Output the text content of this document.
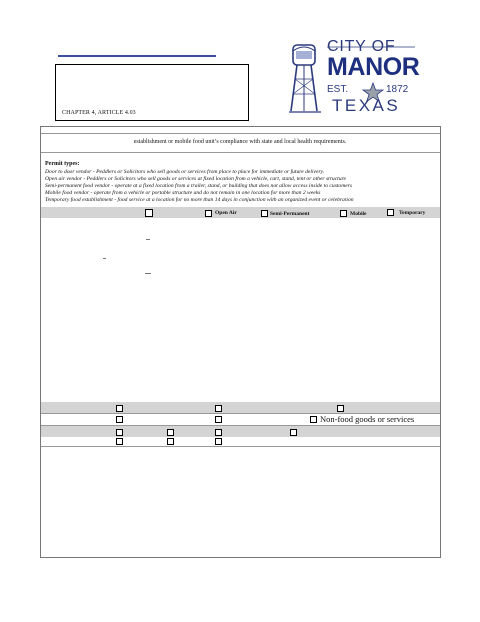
CHAPTER 4, ARTICLE 4.03
CITY OF
MANOR
EST.	1872
TEXAS
establishment or mobile food unit’s compliance with state and local health requirements.
Permit types:
Door to door vendor - Peddlers or Solicitors who sell goods or services from place to place for immediate or future delivery.
Open air vendor - Peddlers or Solicitors who sell goods or services at fixed location from a vehicle, cart, stand, tent or other structure
Semi-permanent food vendor - operate at a fixed location from a trailer, stand, or building that does not allow access inside to customers
Mobile food vendor - operate from a vehicle or portable structure and do not remain in one location for more than 2 weeks
Temporary food establishment - food service at a location for no more than 14 days in conjunction with an organized event or celebration
Open Air	Semi-Permanent	Mobile	Temporary
Non-food goods or services
